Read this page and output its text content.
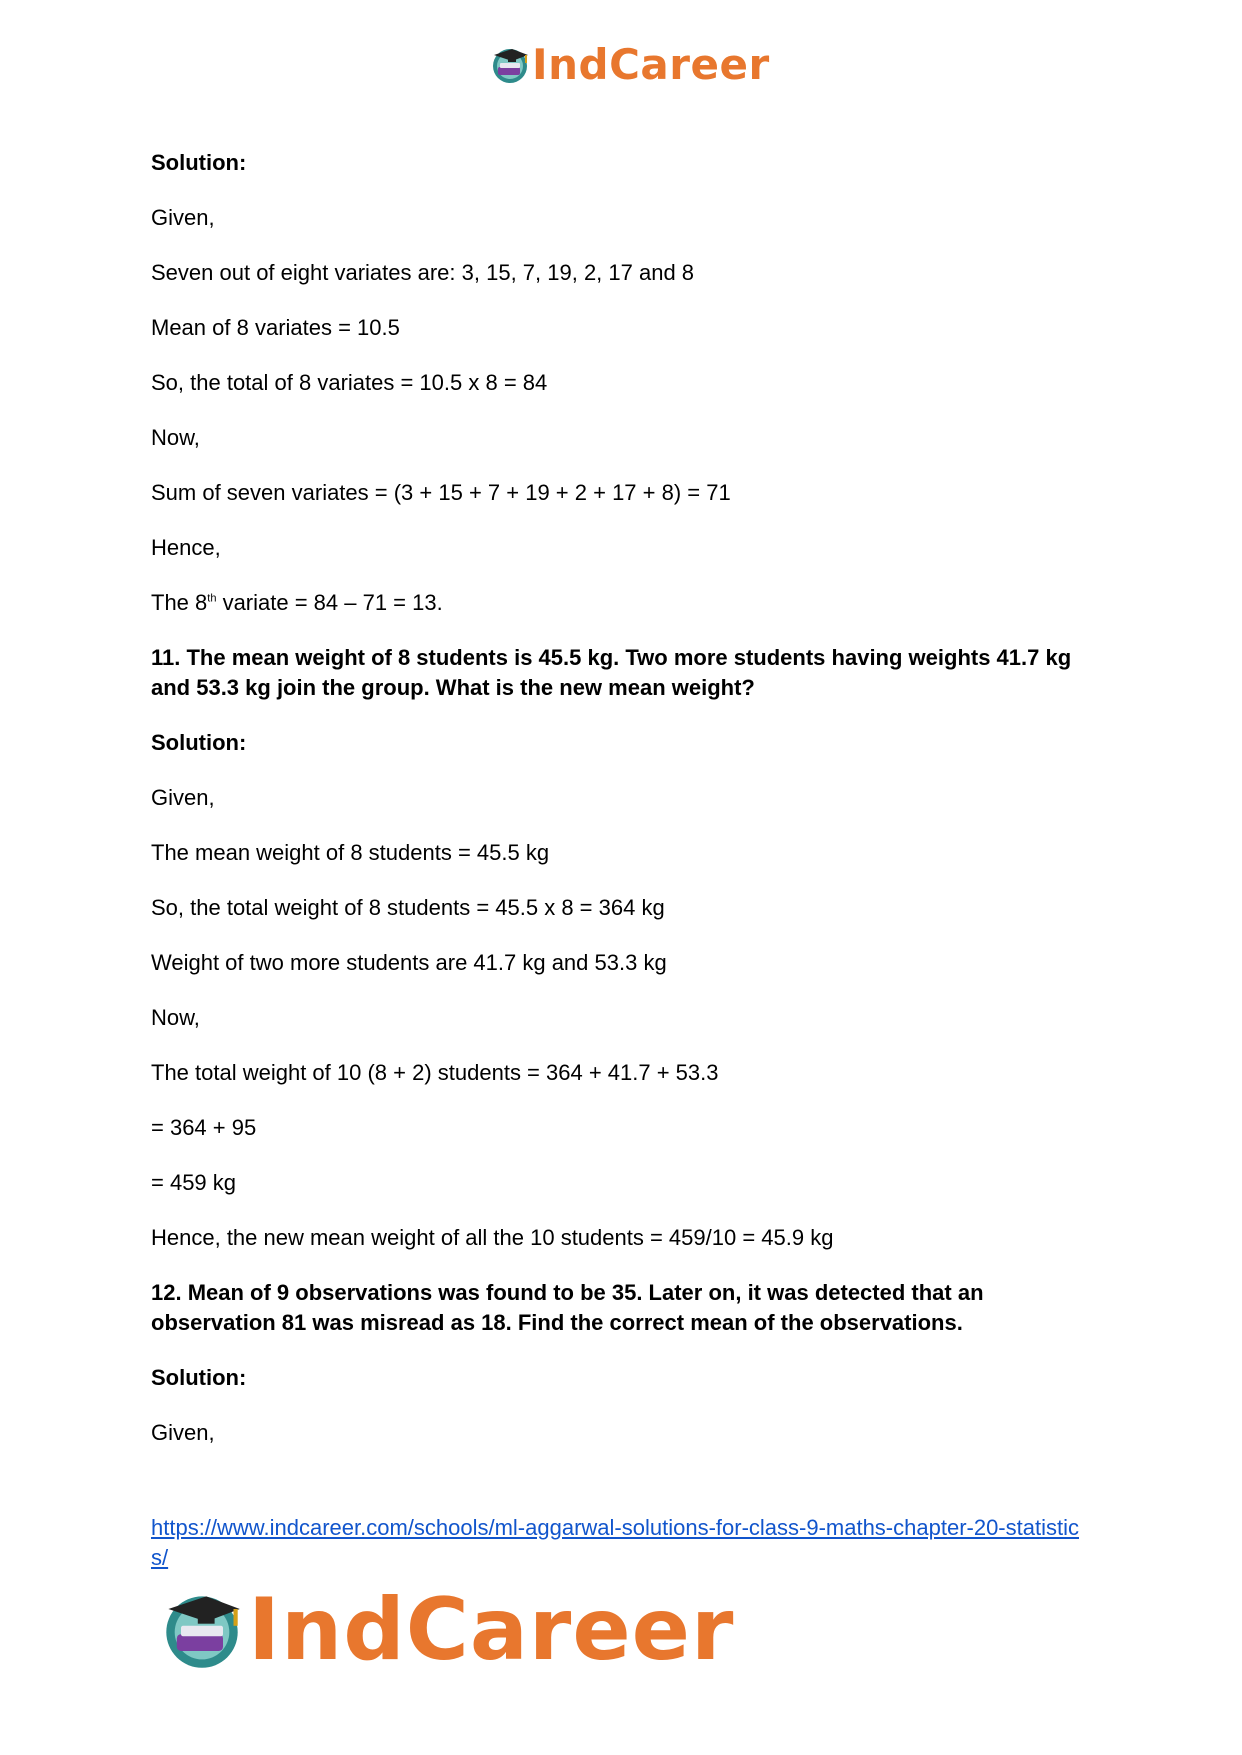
IndCareer

Solution:

Given,

Seven out of eight variates are: 3, 15, 7, 19, 2, 17 and 8

Mean of 8 variates = 10.5

So, the total of 8 variates = 10.5 x 8 = 84

Now,

Sum of seven variates = (3 + 15 + 7 + 19 + 2 + 17 + 8) = 71

Hence,

The 8th variate = 84 – 71 = 13.

11. The mean weight of 8 students is 45.5 kg. Two more students having weights 41.7 kg and 53.3 kg join the group. What is the new mean weight?

Solution:

Given,

The mean weight of 8 students = 45.5 kg

So, the total weight of 8 students = 45.5 x 8 = 364 kg

Weight of two more students are 41.7 kg and 53.3 kg

Now,

The total weight of 10 (8 + 2) students = 364 + 41.7 + 53.3

= 364 + 95

= 459 kg

Hence, the new mean weight of all the 10 students = 459/10 = 45.9 kg

12. Mean of 9 observations was found to be 35. Later on, it was detected that an observation 81 was misread as 18. Find the correct mean of the observations.

Solution:

Given,

https://www.indcareer.com/schools/ml-aggarwal-solutions-for-class-9-maths-chapter-20-statistics/
IndCareer
